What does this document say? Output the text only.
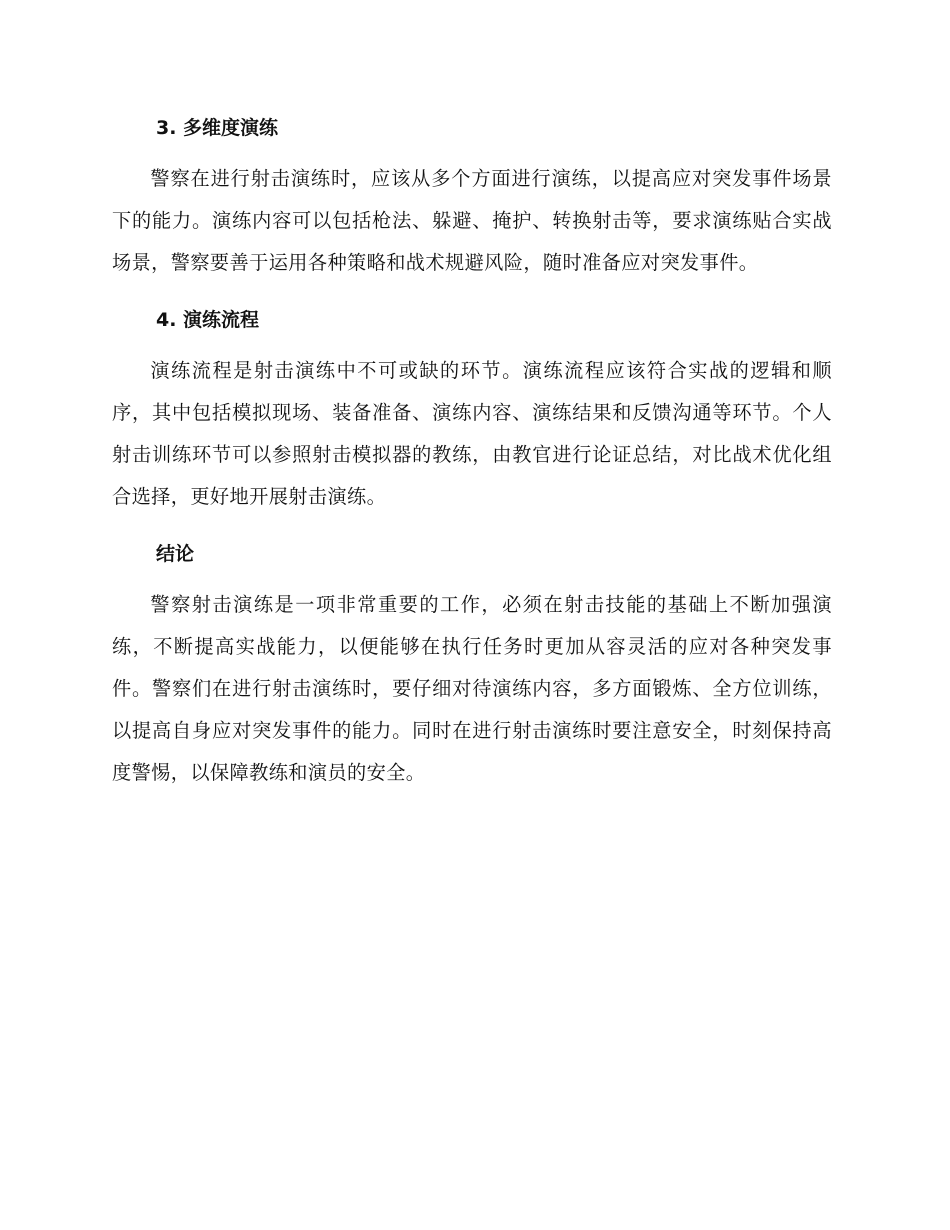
3. 多维度演练

警察在进行射击演练时，应该从多个方面进行演练，以提高应对突发事件场景下的能力。演练内容可以包括枪法、躲避、掩护、转换射击等，要求演练贴合实战场景，警察要善于运用各种策略和战术规避风险，随时准备应对突发事件。

4. 演练流程

演练流程是射击演练中不可或缺的环节。演练流程应该符合实战的逻辑和顺序，其中包括模拟现场、装备准备、演练内容、演练结果和反馈沟通等环节。个人射击训练环节可以参照射击模拟器的教练，由教官进行论证总结，对比战术优化组合选择，更好地开展射击演练。

结论

警察射击演练是一项非常重要的工作，必须在射击技能的基础上不断加强演练，不断提高实战能力，以便能够在执行任务时更加从容灵活的应对各种突发事件。警察们在进行射击演练时，要仔细对待演练内容，多方面锻炼、全方位训练，以提高自身应对突发事件的能力。同时在进行射击演练时要注意安全，时刻保持高度警惕，以保障教练和演员的安全。
